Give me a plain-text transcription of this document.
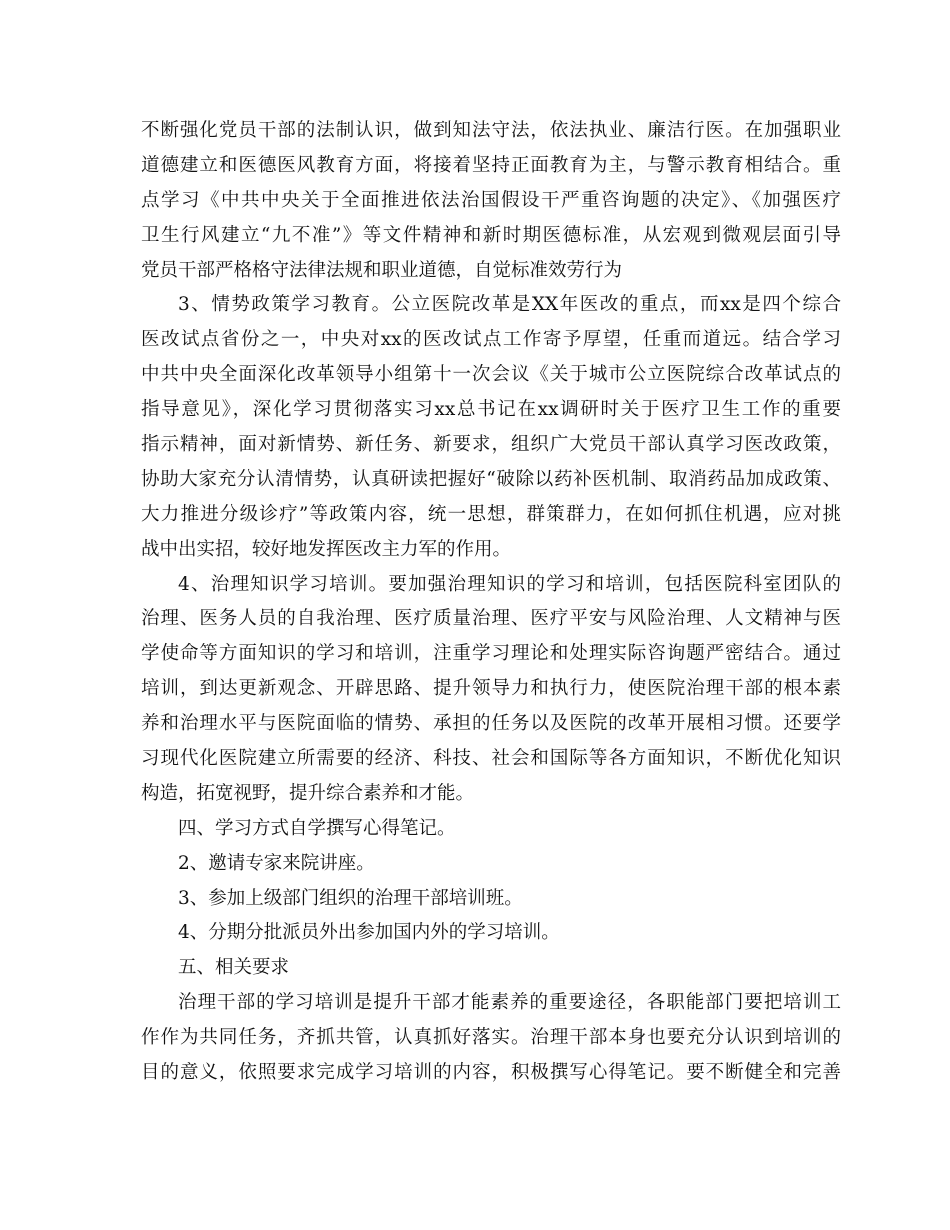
不断强化党员干部的法制认识，做到知法守法，依法执业、廉洁行医。在加强职业
道德建立和医德医风教育方面，将接着坚持正面教育为主，与警示教育相结合。重
点学习《中共中央关于全面推进依法治国假设干严重咨询题的决定》、《加强医疗
卫生行风建立“九不准”》等文件精神和新时期医德标准，从宏观到微观层面引导
党员干部严格格守法律法规和职业道德，自觉标准效劳行为
3、情势政策学习教育。公立医院改革是XX年医改的重点，而xx是四个综合
医改试点省份之一，中央对xx的医改试点工作寄予厚望，任重而道远。结合学习
中共中央全面深化改革领导小组第十一次会议《关于城市公立医院综合改革试点的
指导意见》，深化学习贯彻落实习xx总书记在xx调研时关于医疗卫生工作的重要
指示精神，面对新情势、新任务、新要求，组织广大党员干部认真学习医改政策，
协助大家充分认清情势，认真研读把握好“破除以药补医机制、取消药品加成政策、
大力推进分级诊疗”等政策内容，统一思想，群策群力，在如何抓住机遇，应对挑
战中出实招，较好地发挥医改主力军的作用。
4、治理知识学习培训。要加强治理知识的学习和培训，包括医院科室团队的
治理、医务人员的自我治理、医疗质量治理、医疗平安与风险治理、人文精神与医
学使命等方面知识的学习和培训，注重学习理论和处理实际咨询题严密结合。通过
培训，到达更新观念、开辟思路、提升领导力和执行力，使医院治理干部的根本素
养和治理水平与医院面临的情势、承担的任务以及医院的改革开展相习惯。还要学
习现代化医院建立所需要的经济、科技、社会和国际等各方面知识，不断优化知识
构造，拓宽视野，提升综合素养和才能。
四、学习方式自学撰写心得笔记。
2、邀请专家来院讲座。
3、参加上级部门组织的治理干部培训班。
4、分期分批派员外出参加国内外的学习培训。
五、相关要求
治理干部的学习培训是提升干部才能素养的重要途径，各职能部门要把培训工
作作为共同任务，齐抓共管，认真抓好落实。治理干部本身也要充分认识到培训的
目的意义，依照要求完成学习培训的内容，积极撰写心得笔记。要不断健全和完善
